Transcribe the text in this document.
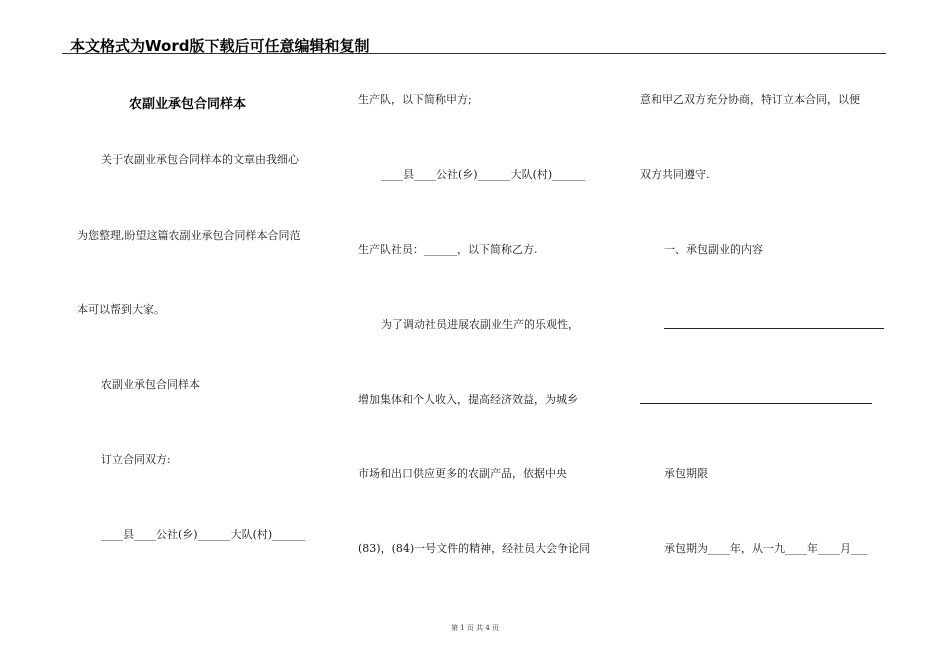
本文格式为Word版下载后可任意编辑和复制
农副业承包合同样本
关于农副业承包合同样本的文章由我细心
为您整理,盼望这篇农副业承包合同样本合同范
本可以帮到大家。
农副业承包合同样本
订立合同双方:
____县____公社(乡)______大队(村)______
生产队，以下简称甲方;
____县____公社(乡)______大队(村)______
生产队社员：______，以下简称乙方.
为了调动社员进展农副业生产的乐观性，
增加集体和个人收入，提高经济效益，为城乡
市场和出口供应更多的农副产品，依据中央
(83)，(84)一号文件的精神，经社员大会争论同
意和甲乙双方充分协商，特订立本合同，以便
双方共同遵守.
一、承包副业的内容
承包期限
承包期为____年，从一九____年____月___
第 1 页 共 4 页
